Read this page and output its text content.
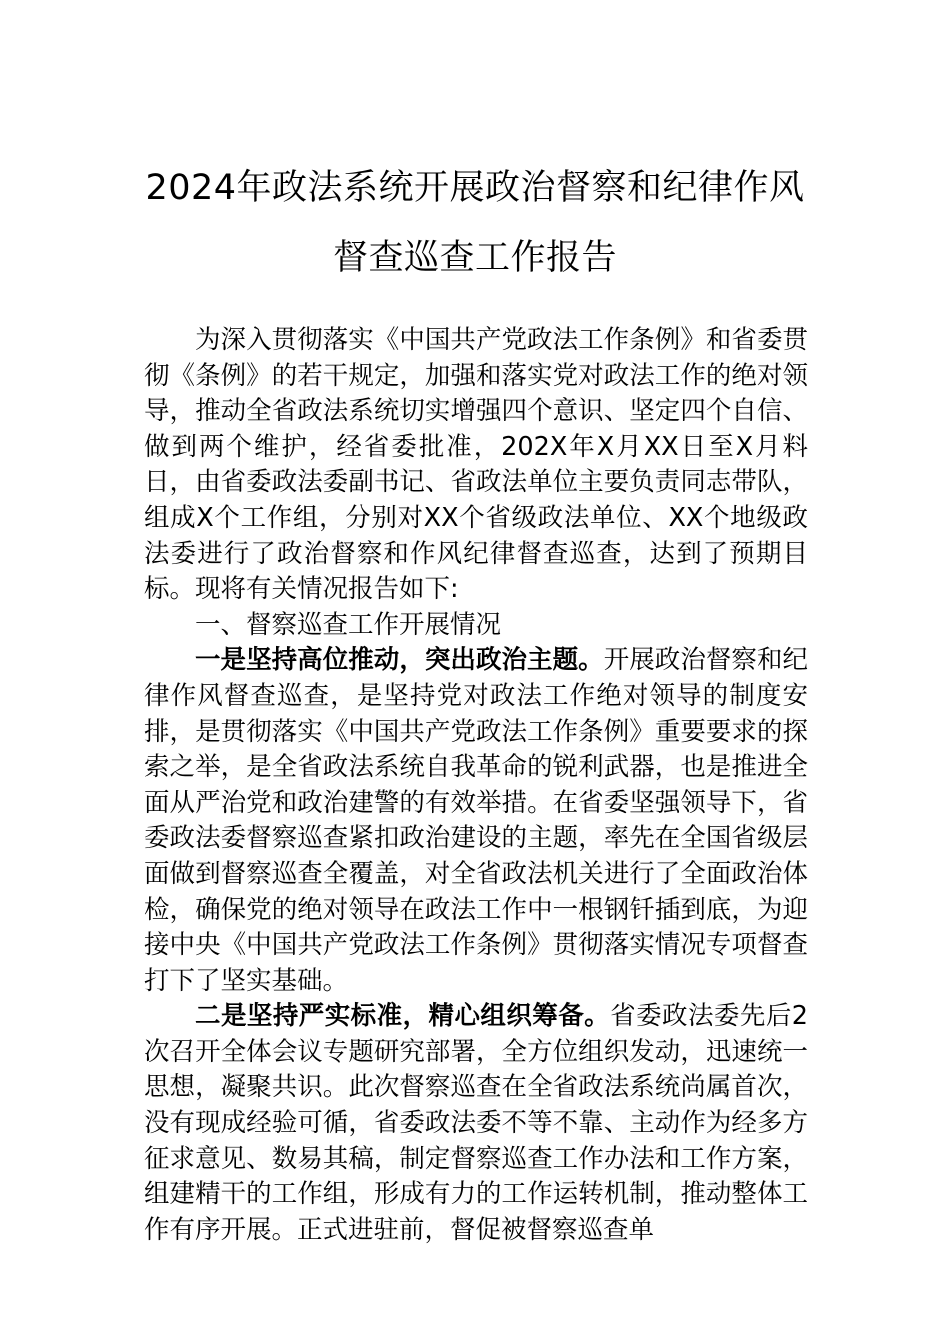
2024年政法系统开展政治督察和纪律作风
督查巡查工作报告

为深入贯彻落实《中国共产党政法工作条例》和省委贯彻《条例》的若干规定，加强和落实党对政法工作的绝对领导，推动全省政法系统切实增强四个意识、坚定四个自信、做到两个维护，经省委批准，202X年X月XX日至X月料日，由省委政法委副书记、省政法单位主要负责同志带队，组成X个工作组，分别对XX个省级政法单位、XX个地级政法委进行了政治督察和作风纪律督查巡查，达到了预期目标。现将有关情况报告如下:

一、督察巡查工作开展情况

一是坚持高位推动，突出政治主题。开展政治督察和纪律作风督查巡查，是坚持党对政法工作绝对领导的制度安排，是贯彻落实《中国共产党政法工作条例》重要要求的探索之举，是全省政法系统自我革命的锐利武器，也是推进全面从严治党和政治建警的有效举措。在省委坚强领导下，省委政法委督察巡查紧扣政治建设的主题，率先在全国省级层面做到督察巡查全覆盖，对全省政法机关进行了全面政治体检，确保党的绝对领导在政法工作中一根钢钎插到底，为迎接中央《中国共产党政法工作条例》贯彻落实情况专项督查打下了坚实基础。

二是坚持严实标准，精心组织筹备。省委政法委先后2次召开全体会议专题研究部署，全方位组织发动，迅速统一思想，凝聚共识。此次督察巡查在全省政法系统尚属首次，没有现成经验可循，省委政法委不等不靠、主动作为经多方征求意见、数易其稿，制定督察巡查工作办法和工作方案，组建精干的工作组，形成有力的工作运转机制，推动整体工作有序开展。正式进驻前，督促被督察巡查单
